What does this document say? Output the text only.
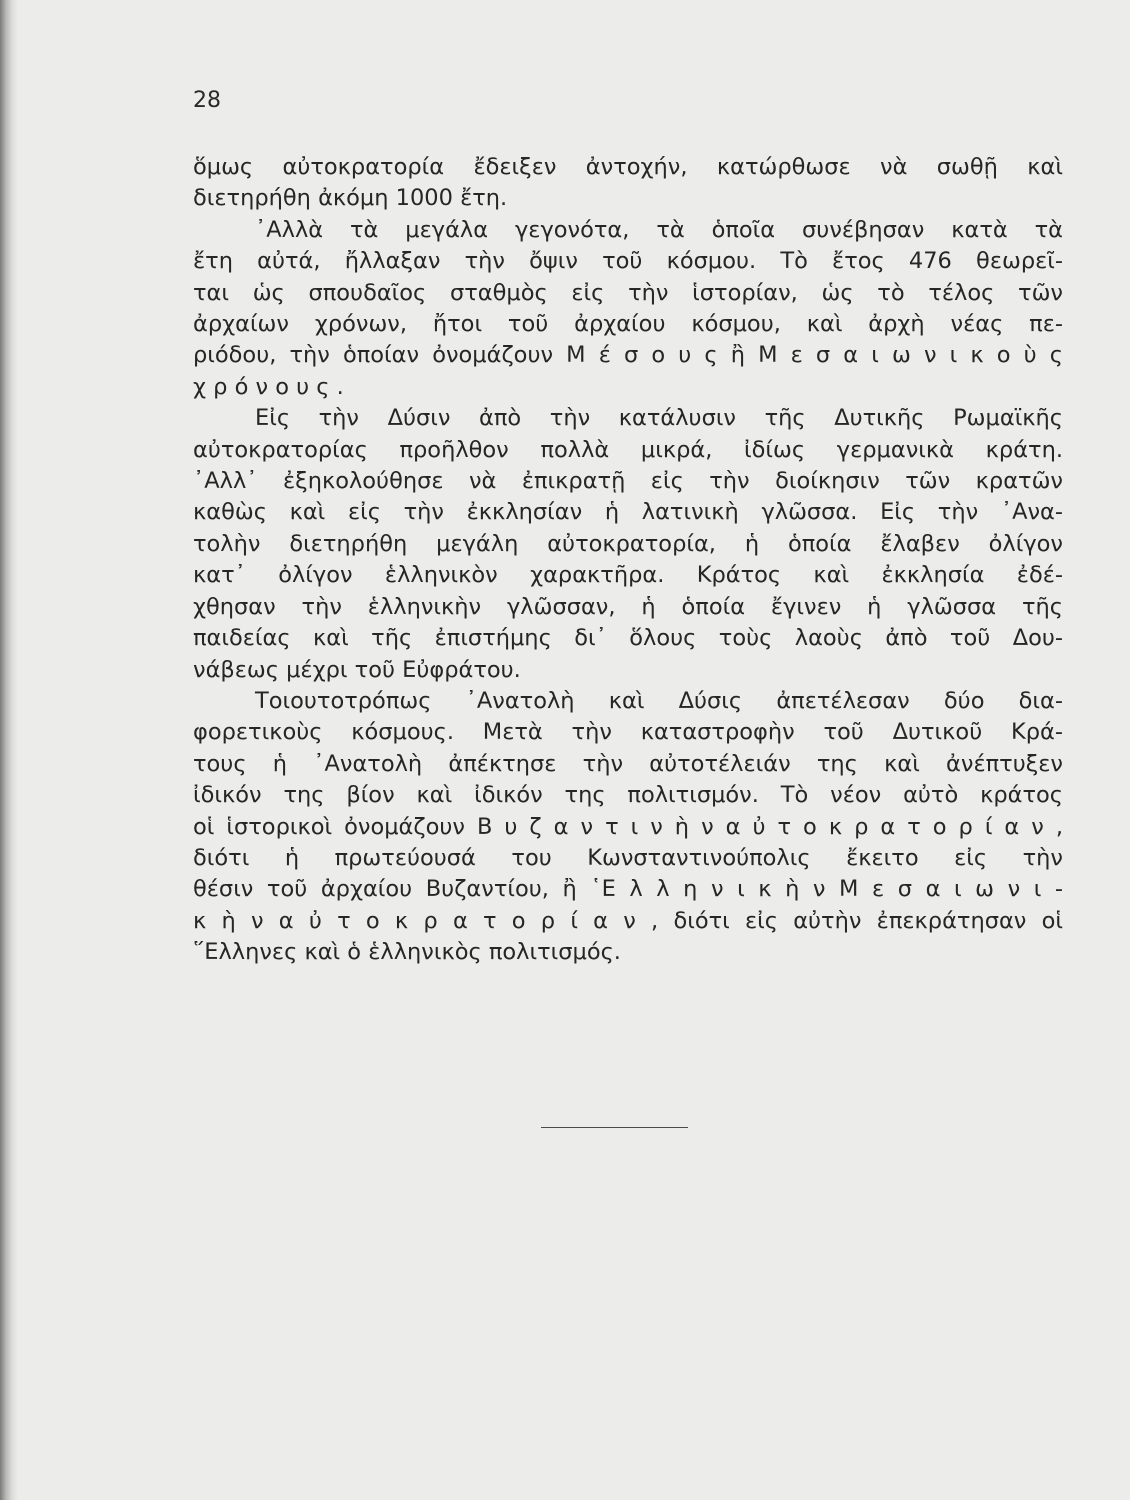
28
ὅμως αὐτοκρατορία ἔδειξεν ἀντοχήν, κατώρθωσε νὰ σωθῇ καὶ
διετηρήθη ἀκόμη 1000 ἔτη.
᾿Αλλὰ τὰ μεγάλα γεγονότα, τὰ ὁποῖα συνέβησαν κατὰ τὰ
ἔτη αὐτά, ἤλλαξαν τὴν ὄψιν τοῦ κόσμου. Τὸ ἔτος 476 θεωρεῖ-
ται ὡς σπουδαῖος σταθμὸς εἰς τὴν ἱστορίαν, ὡς τὸ τέλος τῶν
ἀρχαίων χρόνων, ἤτοι τοῦ ἀρχαίου κόσμου, καὶ ἀρχὴ νέας πε-
ριόδου, τὴν ὁποίαν ὀνομάζουν Μ έ σ ο υ ς ἢ Μ ε σ α ι ω ν ι κ ο ὺ ς
χ ρ ό ν ο υ ς .
Εἰς τὴν Δύσιν ἀπὸ τὴν κατάλυσιν τῆς Δυτικῆς Ρωμαϊκῆς
αὐτοκρατορίας προῆλθον πολλὰ μικρά, ἰδίως γερμανικὰ κράτη.
᾿Αλλ᾿ ἐξηκολούθησε νὰ ἐπικρατῇ εἰς τὴν διοίκησιν τῶν κρατῶν
καθὼς καὶ εἰς τὴν ἐκκλησίαν ἡ λατινικὴ γλῶσσα. Εἰς τὴν ᾿Ανα-
τολὴν διετηρήθη μεγάλη αὐτοκρατορία, ἡ ὁποία ἔλαβεν ὀλίγον
κατ᾿ ὀλίγον ἑλληνικὸν χαρακτῆρα. Κράτος καὶ ἐκκλησία ἐδέ-
χθησαν τὴν ἑλληνικὴν γλῶσσαν, ἡ ὁποία ἔγινεν ἡ γλῶσσα τῆς
παιδείας καὶ τῆς ἐπιστήμης δι᾿ ὅλους τοὺς λαοὺς ἀπὸ τοῦ Δου-
νάβεως μέχρι τοῦ Εὐφράτου.
Τοιουτοτρόπως ᾿Ανατολὴ καὶ Δύσις ἀπετέλεσαν δύο δια-
φορετικοὺς κόσμους. Μετὰ τὴν καταστροφὴν τοῦ Δυτικοῦ Κρά-
τους ἡ ᾿Ανατολὴ ἀπέκτησε τὴν αὐτοτέλειάν της καὶ ἀνέπτυξεν
ἰδικόν της βίον καὶ ἰδικόν της πολιτισμόν. Τὸ νέον αὐτὸ κράτος
οἱ ἱστορικοὶ ὀνομάζουν Β υ ζ α ν τ ι ν ὴ ν α ὐ τ ο κ ρ α τ ο ρ ί α ν ,
διότι ἡ πρωτεύουσά του Κωνσταντινούπολις ἔκειτο εἰς τὴν
θέσιν τοῦ ἀρχαίου Βυζαντίου, ἢ ῾Ε λ λ η ν ι κ ὴ ν Μ ε σ α ι ω ν ι -
κ ὴ ν α ὐ τ ο κ ρ α τ ο ρ ί α ν , διότι εἰς αὐτὴν ἐπεκράτησαν οἱ
῞Ελληνες καὶ ὁ ἑλληνικὸς πολιτισμός.
